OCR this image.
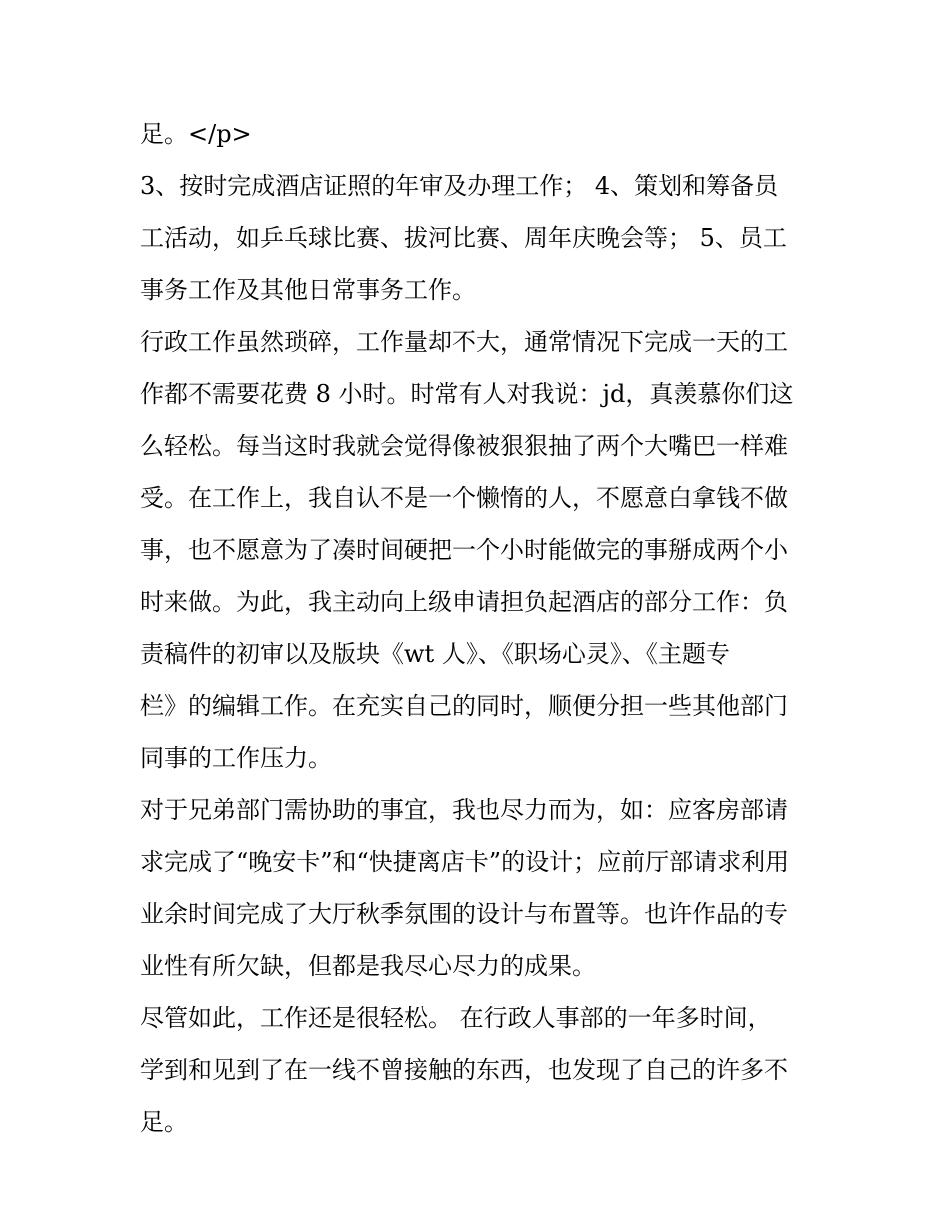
足。</p>

3、按时完成酒店证照的年审及办理工作； 4、策划和筹备员
工活动，如乒乓球比赛、拔河比赛、周年庆晚会等； 5、员工
事务工作及其他日常事务工作。

行政工作虽然琐碎，工作量却不大，通常情况下完成一天的工
作都不需要花费 8 小时。时常有人对我说：jd，真羡慕你们这
么轻松。每当这时我就会觉得像被狠狠抽了两个大嘴巴一样难
受。在工作上，我自认不是一个懒惰的人，不愿意白拿钱不做
事，也不愿意为了凑时间硬把一个小时能做完的事掰成两个小
时来做。为此，我主动向上级申请担负起酒店的部分工作：负
责稿件的初审以及版块《wt 人》、《职场心灵》、《主题专
栏》的编辑工作。在充实自己的同时，顺便分担一些其他部门
同事的工作压力。

对于兄弟部门需协助的事宜，我也尽力而为，如：应客房部请
求完成了“晚安卡”和“快捷离店卡”的设计；应前厅部请求利用
业余时间完成了大厅秋季氛围的设计与布置等。也许作品的专
业性有所欠缺，但都是我尽心尽力的成果。

尽管如此，工作还是很轻松。 在行政人事部的一年多时间，
学到和见到了在一线不曾接触的东西，也发现了自己的许多不
足。
